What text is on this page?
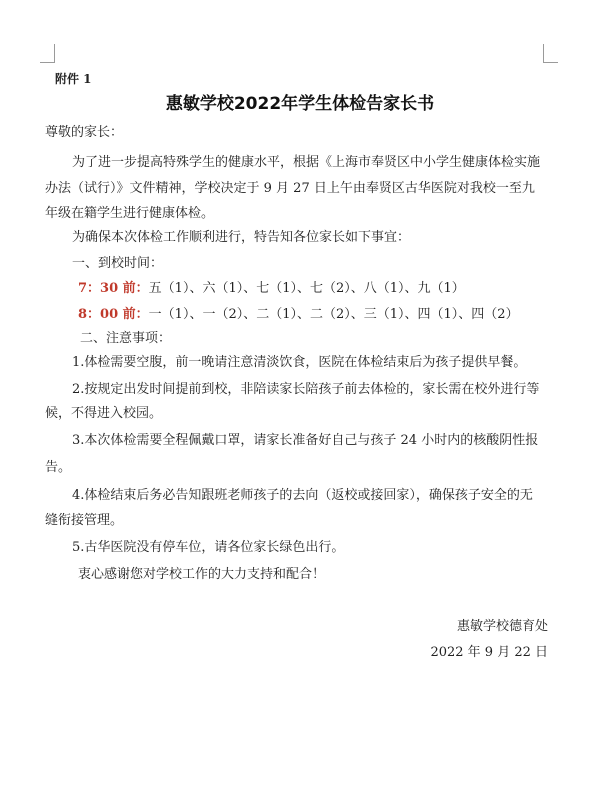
附件 1
惠敏学校2022年学生体检告家长书
尊敬的家长：
为了进一步提高特殊学生的健康水平，根据《上海市奉贤区中小学生健康体检实施
办法（试行）》文件精神，学校决定于 9 月 27 日上午由奉贤区古华医院对我校一至九
年级在籍学生进行健康体检。
为确保本次体检工作顺利进行，特告知各位家长如下事宜：
一、到校时间：
7：30 前：五（1）、六（1）、七（1）、七（2）、八（1）、九（1）
8：00 前：一（1）、一（2）、二（1）、二（2）、三（1）、四（1）、四（2）
二、注意事项：
1.体检需要空腹，前一晚请注意清淡饮食，医院在体检结束后为孩子提供早餐。
2.按规定出发时间提前到校，非陪读家长陪孩子前去体检的，家长需在校外进行等
候，不得进入校园。
3.本次体检需要全程佩戴口罩，请家长准备好自己与孩子 24 小时内的核酸阴性报
告。
4.体检结束后务必告知跟班老师孩子的去向（返校或接回家），确保孩子安全的无
缝衔接管理。
5.古华医院没有停车位，请各位家长绿色出行。
衷心感谢您对学校工作的大力支持和配合！
惠敏学校德育处
2022 年 9 月 22 日
